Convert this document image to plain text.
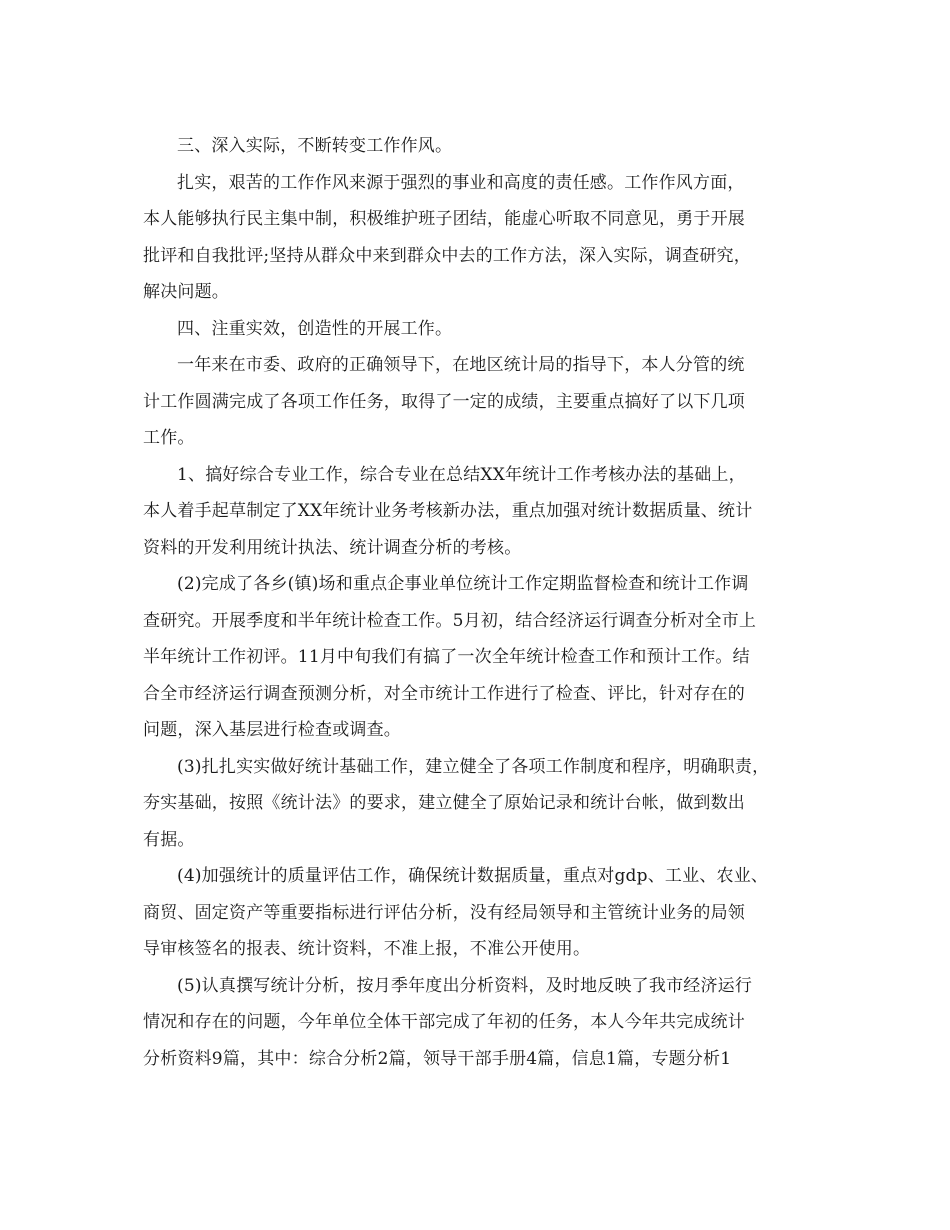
三、深入实际，不断转变工作作风。
扎实，艰苦的工作作风来源于强烈的事业和高度的责任感。工作作风方面，
本人能够执行民主集中制，积极维护班子团结，能虚心听取不同意见，勇于开展
批评和自我批评;坚持从群众中来到群众中去的工作方法，深入实际，调查研究，
解决问题。
四、注重实效，创造性的开展工作。
一年来在市委、政府的正确领导下，在地区统计局的指导下，本人分管的统
计工作圆满完成了各项工作任务，取得了一定的成绩，主要重点搞好了以下几项
工作。
1、搞好综合专业工作，综合专业在总结XX年统计工作考核办法的基础上，
本人着手起草制定了XX年统计业务考核新办法，重点加强对统计数据质量、统计
资料的开发利用统计执法、统计调查分析的考核。
(2)完成了各乡(镇)场和重点企事业单位统计工作定期监督检查和统计工作调
查研究。开展季度和半年统计检查工作。5月初，结合经济运行调查分析对全市上
半年统计工作初评。11月中旬我们有搞了一次全年统计检查工作和预计工作。结
合全市经济运行调查预测分析，对全市统计工作进行了检查、评比，针对存在的
问题，深入基层进行检查或调查。
(3)扎扎实实做好统计基础工作，建立健全了各项工作制度和程序，明确职责，
夯实基础，按照《统计法》的要求，建立健全了原始记录和统计台帐，做到数出
有据。
(4)加强统计的质量评估工作，确保统计数据质量，重点对gdp、工业、农业、
商贸、固定资产等重要指标进行评估分析，没有经局领导和主管统计业务的局领
导审核签名的报表、统计资料，不准上报，不准公开使用。
(5)认真撰写统计分析，按月季年度出分析资料，及时地反映了我市经济运行
情况和存在的问题，今年单位全体干部完成了年初的任务，本人今年共完成统计
分析资料9篇，其中：综合分析2篇，领导干部手册4篇，信息1篇，专题分析1
